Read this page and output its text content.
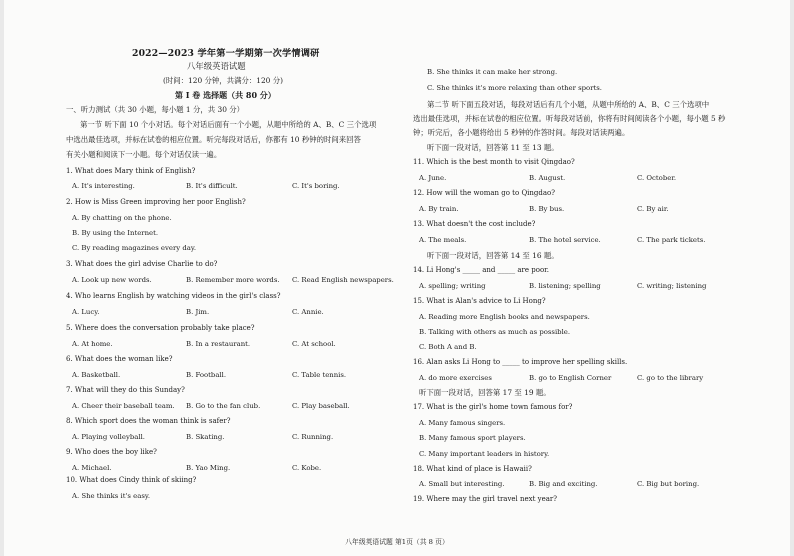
2022—2023 学年第一学期第一次学情调研
八年级英语试题
(时间：120 分钟，共满分：120 分)
第 I 卷 选择题（共 80 分）
一、听力测试（共 30 小题，每小题 1 分，共 30 分）
第一节 听下面 10 个小对话。每个对话后面有一个小题，从题中所给的 A、B、C 三个选项
中选出最佳选项，并标在试卷的相应位置。听完每段对话后，你都有 10 秒钟的时间来回答
有关小题和阅读下一小题。每个对话仅读一遍。
1. What does Mary think of English?
A. It's interesting.	B. It's difficult.	C. It's boring.
2. How is Miss Green improving her poor English?
A. By chatting on the phone.
B. By using the Internet.
C. By reading magazines every day.
3. What does the girl advise Charlie to do?
A. Look up new words.	B. Remember more words. C. Read English newspapers.
4. Who learns English by watching videos in the girl's class?
A. Lucy.	B. Jim.	C. Annie.
5. Where does the conversation probably take place?
A. At home.	B. In a restaurant.	C. At school.
6. What does the woman like?
A. Basketball.	B. Football.	C. Table tennis.
7. What will they do this Sunday?
A. Cheer their baseball team. B. Go to the fan club.	C. Play baseball.
8. Which sport does the woman think is safer?
A. Playing volleyball.	B. Skating.	C. Running.
9. Who does the boy like?
A. Michael.	B. Yao Ming.	C. Kobe.
10. What does Cindy think of skiing?
A. She thinks it's easy.
B. She thinks it can make her strong.
C. She thinks it's more relaxing than other sports.
第二节 听下面五段对话，每段对话后有几个小题，从题中所给的 A、B、C 三个选项中
选出最佳选项，并标在试卷的相应位置。听每段对话前，你将有时间阅读各个小题，每小题 5 秒
钟；听完后，各小题将给出 5 秒钟的作答时间。每段对话读两遍。
听下面一段对话，回答第 11 至 13 题。
11. Which is the best month to visit Qingdao?
A. June.	B. August.	C. October.
12. How will the woman go to Qingdao?
A. By train.	B. By bus.	C. By air.
13. What doesn't the cost include?
A. The meals.	B. The hotel service.	C. The park tickets.
听下面一段对话，回答第 14 至 16 题。
14. Li Hong's _____ and _____ are poor.
A. spelling; writing	B. listening; spelling	C. writing; listening
15. What is Alan's advice to Li Hong?
A. Reading more English books and newspapers.
B. Talking with others as much as possible.
C. Both A and B.
16. Alan asks Li Hong to _____ to improve her spelling skills.
A. do more exercises	B. go to English Corner	C. go to the library
听下面一段对话，回答第 17 至 19 题。
17. What is the girl's home town famous for?
A. Many famous singers.
B. Many famous sport players.
C. Many important leaders in history.
18. What kind of place is Hawaii?
A. Small but interesting.	B. Big and exciting.	C. Big but boring.
19. Where may the girl travel next year?
八年级英语试题 第1页（共 8 页）
